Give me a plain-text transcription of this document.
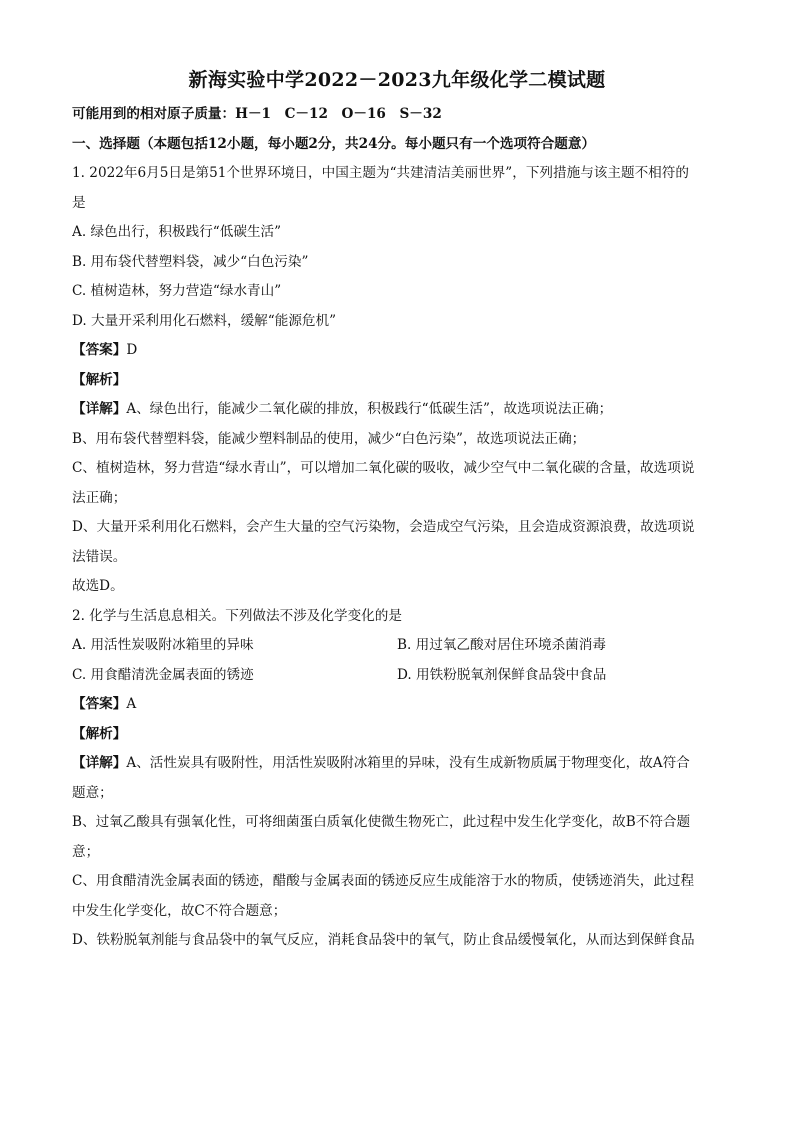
新海实验中学2022－2023九年级化学二模试题
可能用到的相对原子质量：H－1　C－12　O－16　S－32
一、选择题（本题包括12小题，每小题2分，共24分。每小题只有一个选项符合题意）
1. 2022年6月5日是第51个世界环境日，中国主题为“共建清洁美丽世界”，下列措施与该主题不相符的
是
A. 绿色出行，积极践行“低碳生活”
B. 用布袋代替塑料袋，减少“白色污染”
C. 植树造林，努力营造“绿水青山”
D. 大量开采利用化石燃料，缓解“能源危机”
【答案】D
【解析】
【详解】A、绿色出行，能减少二氧化碳的排放，积极践行“低碳生活”，故选项说法正确；
B、用布袋代替塑料袋，能减少塑料制品的使用，减少“白色污染”，故选项说法正确；
C、植树造林，努力营造“绿水青山”，可以增加二氧化碳的吸收，减少空气中二氧化碳的含量，故选项说
法正确；
D、大量开采利用化石燃料，会产生大量的空气污染物，会造成空气污染，且会造成资源浪费，故选项说
法错误。
故选D。
2. 化学与生活息息相关。下列做法不涉及化学变化的是
A. 用活性炭吸附冰箱里的异味	B. 用过氧乙酸对居住环境杀菌消毒
C. 用食醋清洗金属表面的锈迹	D. 用铁粉脱氧剂保鲜食品袋中食品
【答案】A
【解析】
【详解】A、活性炭具有吸附性，用活性炭吸附冰箱里的异味，没有生成新物质属于物理变化，故A符合
题意；
B、过氧乙酸具有强氧化性，可将细菌蛋白质氧化使微生物死亡，此过程中发生化学变化，故B不符合题
意；
C、用食醋清洗金属表面的锈迹，醋酸与金属表面的锈迹反应生成能溶于水的物质，使锈迹消失，此过程
中发生化学变化，故C不符合题意；
D、铁粉脱氧剂能与食品袋中的氧气反应，消耗食品袋中的氧气，防止食品缓慢氧化，从而达到保鲜食品
